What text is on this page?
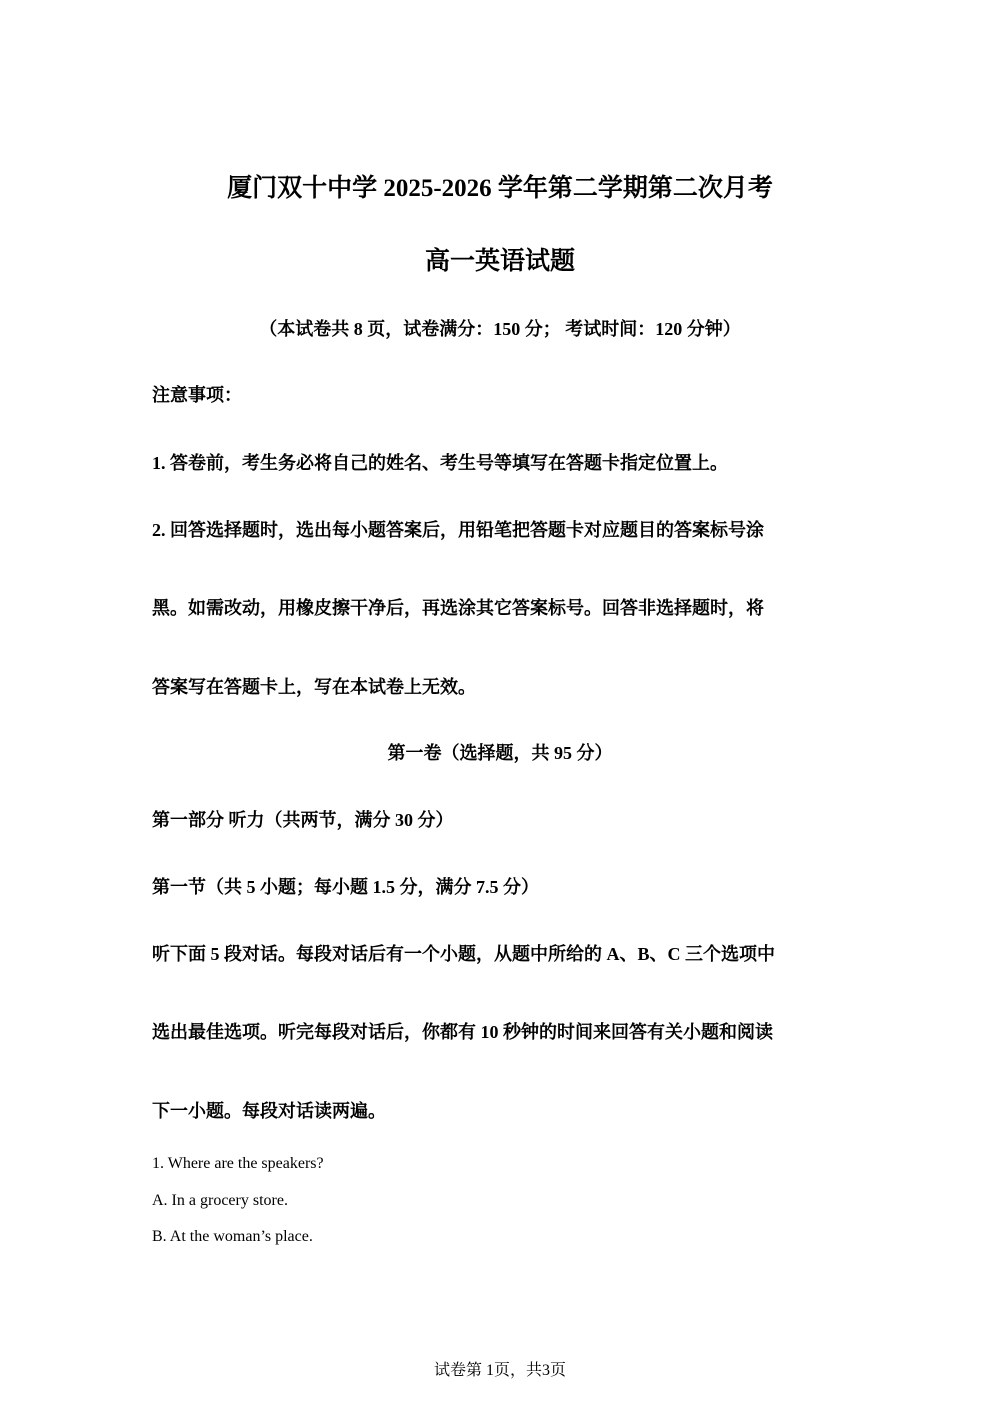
厦门双十中学 2025-2026 学年第二学期第二次月考
高一英语试题
（本试卷共 8 页，试卷满分：150 分； 考试时间：120 分钟）
注意事项：
1. 答卷前，考生务必将自己的姓名、考生号等填写在答题卡指定位置上。
2. 回答选择题时，选出每小题答案后，用铅笔把答题卡对应题目的答案标号涂
黑。如需改动，用橡皮擦干净后，再选涂其它答案标号。回答非选择题时，将
答案写在答题卡上，写在本试卷上无效。
第一卷（选择题，共 95 分）
第一部分 听力（共两节，满分 30 分）
第一节（共 5 小题；每小题 1.5 分，满分 7.5 分）
听下面 5 段对话。每段对话后有一个小题，从题中所给的 A、B、C 三个选项中
选出最佳选项。听完每段对话后，你都有 10 秒钟的时间来回答有关小题和阅读
下一小题。每段对话读两遍。
1. Where are the speakers?
A. In a grocery store.
B. At the woman’s place.
试卷第 1页，共3页
